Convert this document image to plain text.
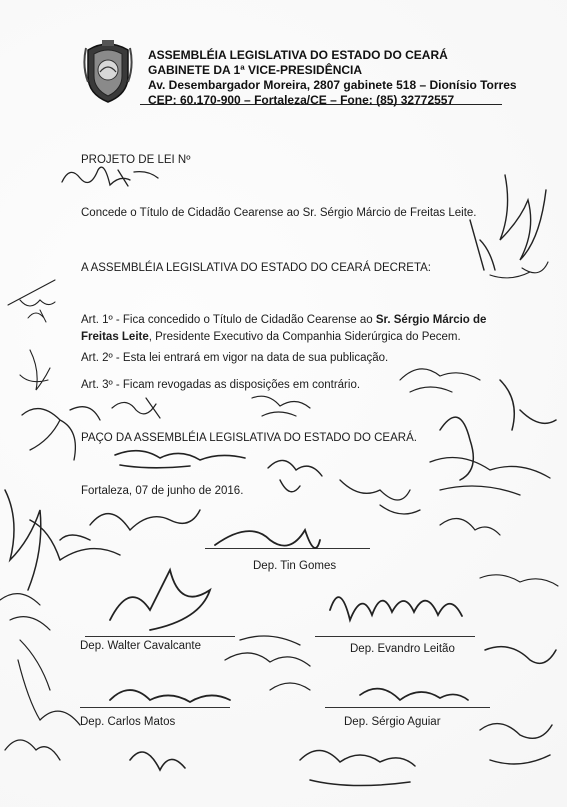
ASSEMBLÉIA LEGISLATIVA DO ESTADO DO CEARÁ
GABINETE DA 1ª VICE-PRESIDÊNCIA
Av. Desembargador Moreira, 2807 gabinete 518 – Dionísio Torres
CEP: 60.170-900 – Fortaleza/CE – Fone: (85) 32772557
PROJETO DE LEI Nº
Concede o Título de Cidadão Cearense ao Sr. Sérgio Márcio de Freitas Leite.
A ASSEMBLÉIA LEGISLATIVA DO ESTADO DO CEARÁ DECRETA:
Art. 1º - Fica concedido o Título de Cidadão Cearense ao Sr. Sérgio Márcio de Freitas Leite, Presidente Executivo da Companhia Siderúrgica do Pecem.
Art. 2º - Esta lei entrará em vigor na data de sua publicação.
Art. 3º - Ficam revogadas as disposições em contrário.
PAÇO DA ASSEMBLÉIA LEGISLATIVA DO ESTADO DO CEARÁ.
Fortaleza, 07 de junho de 2016.
Dep. Tin Gomes
Dep. Walter Cavalcante	Dep. Evandro Leitão
Dep. Carlos Matos	Dep. Sérgio Aguiar
